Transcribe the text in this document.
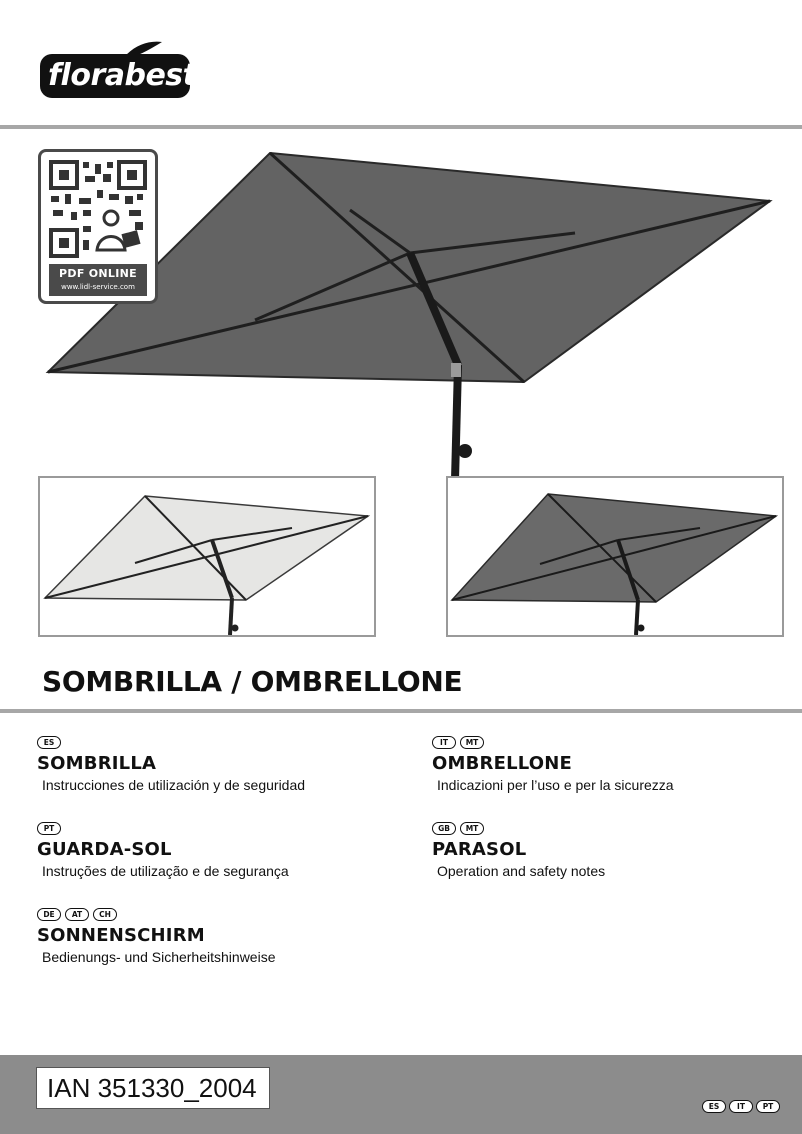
florabest
PDF ONLINE
www.lidl-service.com
SOMBRILLA / OMBRELLONE
ES
SOMBRILLA

Instrucciones de utilización y de seguridad

IT	MT
OMBRELLONE

Indicazioni per l’uso e per la sicurezza

PT
GUARDA-SOL

Instruções de utilização e de segurança

GB	MT
PARASOL

Operation and safety notes

DE	AT	CH
SONNENSCHIRM

Bedienungs- und Sicherheitshinweise

IAN 351330_2004
ES	IT	PT
